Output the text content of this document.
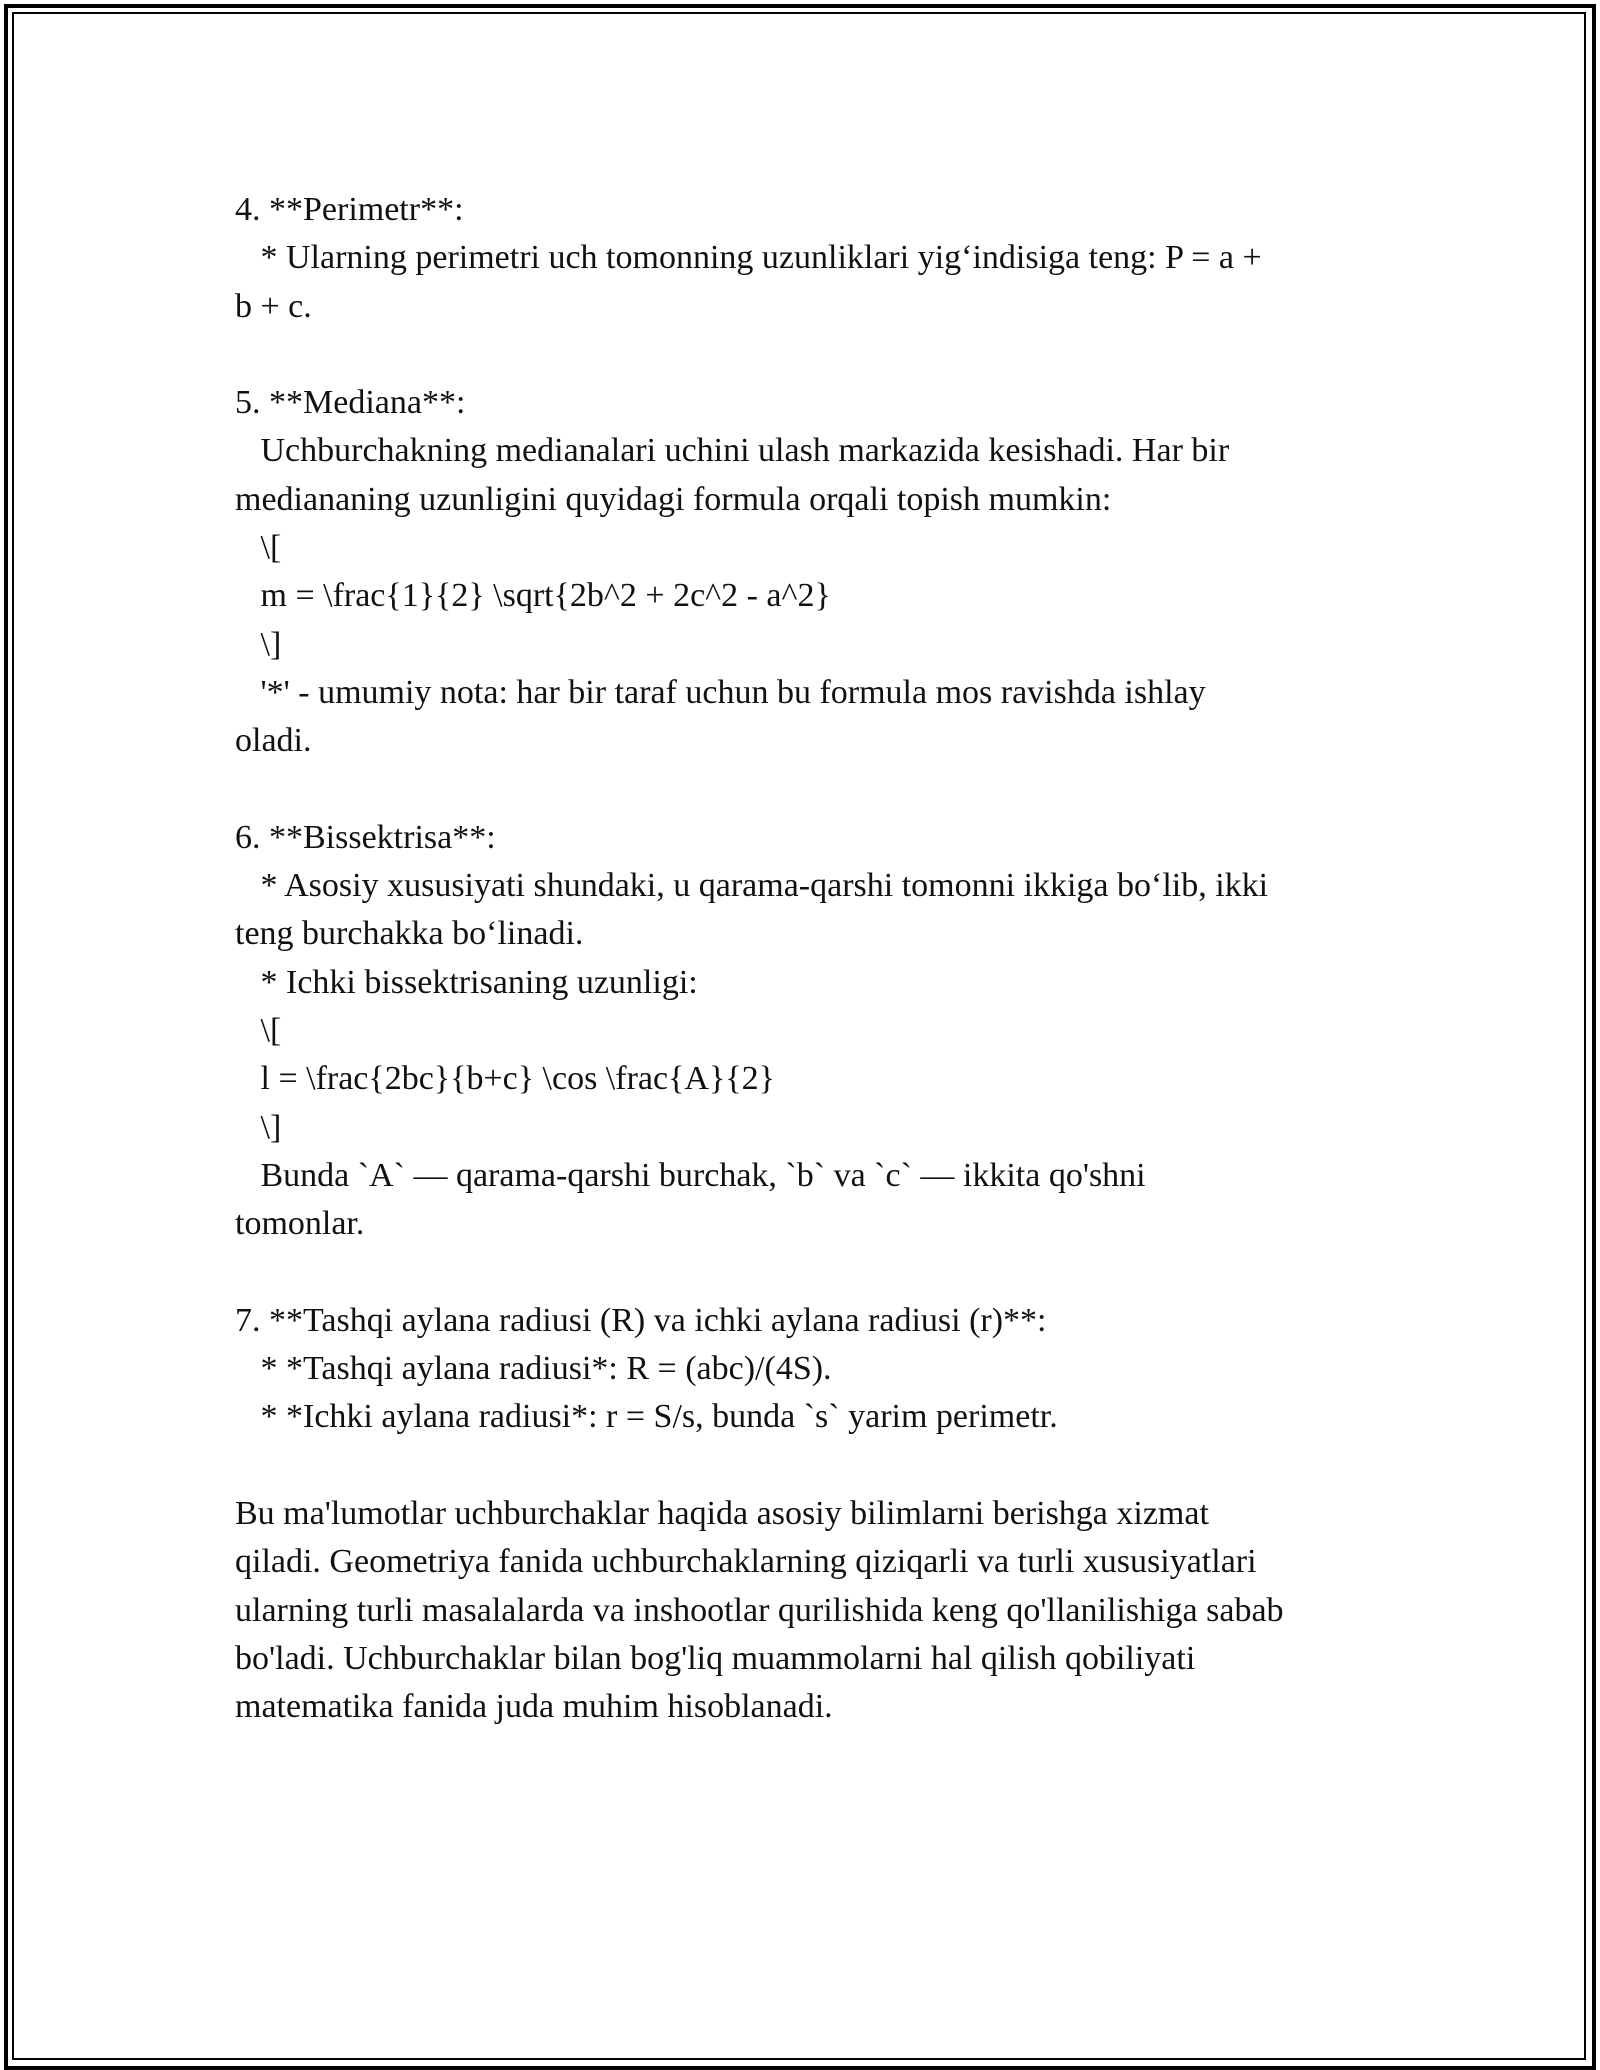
4. **Perimetr**:

* Ularning perimetri uch tomonning uzunliklari yig‘indisiga teng: P = a +

b + c.

5. **Mediana**:

Uchburchakning medianalari uchini ulash markazida kesishadi. Har bir

mediananing uzunligini quyidagi formula orqali topish mumkin:

\[

m = \frac{1}{2} \sqrt{2b^2 + 2c^2 - a^2}

\]

'*' - umumiy nota: har bir taraf uchun bu formula mos ravishda ishlay

oladi.

6. **Bissektrisa**:

* Asosiy xususiyati shundaki, u qarama-qarshi tomonni ikkiga bo‘lib, ikki

teng burchakka bo‘linadi.

* Ichki bissektrisaning uzunligi:

\[

l = \frac{2bc}{b+c} \cos \frac{A}{2}

\]

Bunda `A` — qarama-qarshi burchak, `b` va `c` — ikkita qo'shni

tomonlar.

7. **Tashqi aylana radiusi (R) va ichki aylana radiusi (r)**:

* *Tashqi aylana radiusi*: R = (abc)/(4S).

* *Ichki aylana radiusi*: r = S/s, bunda `s` yarim perimetr.

Bu ma'lumotlar uchburchaklar haqida asosiy bilimlarni berishga xizmat

qiladi. Geometriya fanida uchburchaklarning qiziqarli va turli xususiyatlari

ularning turli masalalarda va inshootlar qurilishida keng qo'llanilishiga sabab

bo'ladi. Uchburchaklar bilan bog'liq muammolarni hal qilish qobiliyati

matematika fanida juda muhim hisoblanadi.
